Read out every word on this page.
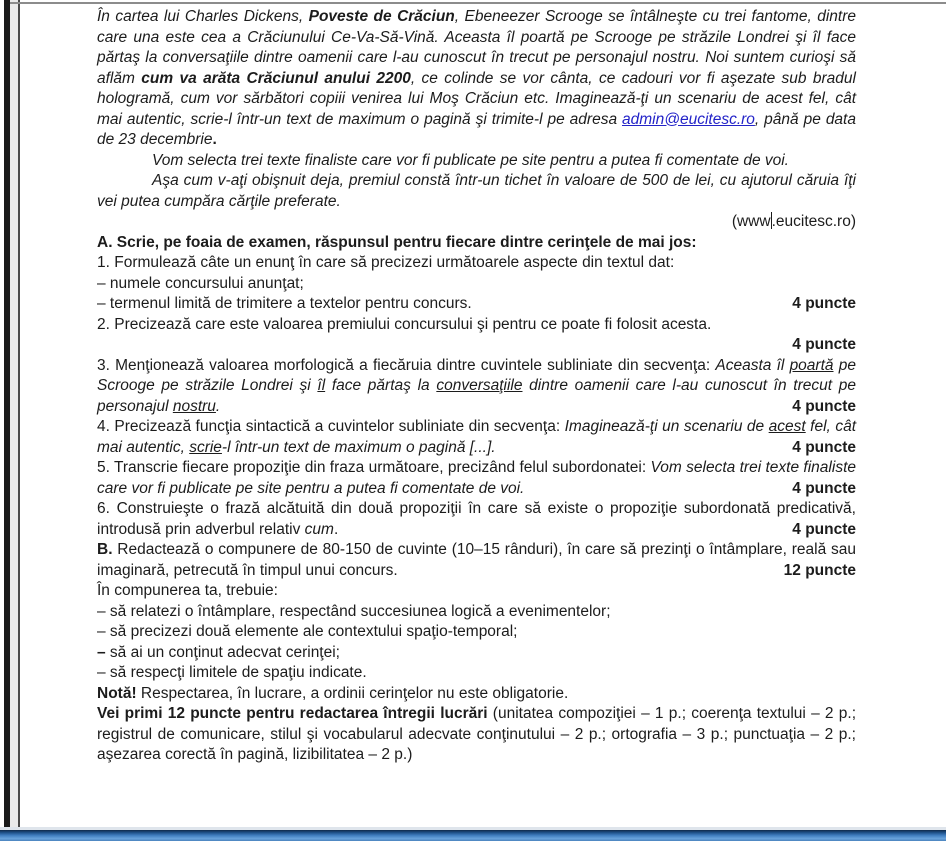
În cartea lui Charles Dickens, Poveste de Crăciun, Ebeneezer Scrooge se întâlneşte cu trei fantome, dintre care una este cea a Crăciunului Ce-Va-Să-Vină. Aceasta îl poartă pe Scrooge pe străzile Londrei şi îl face părtaş la conversaţiile dintre oamenii care l-au cunoscut în trecut pe personajul nostru. Noi suntem curioşi să aflăm cum va arăta Crăciunul anului 2200, ce colinde se vor cânta, ce cadouri vor fi aşezate sub bradul hologramă, cum vor sărbători copiii venirea lui Moş Crăciun etc. Imaginează-ţi un scenariu de acest fel, cât mai autentic, scrie-l într-un text de maximum o pagină şi trimite-l pe adresa admin@eucitesc.ro, până pe data de 23 decembrie.

Vom selecta trei texte finaliste care vor fi publicate pe site pentru a putea fi comentate de voi.

Aşa cum v-aţi obişnuit deja, premiul constă într-un tichet în valoare de 500 de lei, cu ajutorul căruia îţi vei putea cumpăra cărţile preferate.

(www.eucitesc.ro)

A. Scrie, pe foaia de examen, răspunsul pentru fiecare dintre cerinţele de mai jos:

1. Formulează câte un enunţ în care să precizezi următoarele aspecte din textul dat:

– numele concursului anunţat;

– termenul limită de trimitere a textelor pentru concurs.	4 puncte

2. Precizează care este valoarea premiului concursului şi pentru ce poate fi folosit acesta.

4 puncte

3. Menţionează valoarea morfologică a fiecăruia dintre cuvintele subliniate din secvenţa: Aceasta îl poartă pe Scrooge pe străzile Londrei şi îl face părtaş la conversaţiile dintre oamenii care l-au cunoscut în trecut pe personajul nostru.	4 puncte

4. Precizează funcţia sintactică a cuvintelor subliniate din secvenţa: Imaginează-ţi un scenariu de acest fel, cât mai autentic, scrie-l într-un text de maximum o pagină [...].	4 puncte

5. Transcrie fiecare propoziţie din fraza următoare, precizând felul subordonatei: Vom selecta trei texte finaliste care vor fi publicate pe site pentru a putea fi comentate de voi.	4 puncte

6. Construieşte o frază alcătuită din două propoziţii în care să existe o propoziţie subordonată predicativă, introdusă prin adverbul relativ cum.	4 puncte

B. Redactează o compunere de 80-150 de cuvinte (10–15 rânduri), în care să prezinţi o întâmplare, reală sau imaginară, petrecută în timpul unui concurs.	12 puncte

În compunerea ta, trebuie:

– să relatezi o întâmplare, respectând succesiunea logică a evenimentelor;

– să precizezi două elemente ale contextului spaţio-temporal;

– să ai un conţinut adecvat cerinţei;

– să respecţi limitele de spaţiu indicate.

Notă! Respectarea, în lucrare, a ordinii cerinţelor nu este obligatorie.

Vei primi 12 puncte pentru redactarea întregii lucrări (unitatea compoziţiei – 1 p.; coerenţa textului – 2 p.; registrul de comunicare, stilul şi vocabularul adecvate conţinutului – 2 p.; ortografia – 3 p.; punctuaţia – 2 p.; aşezarea corectă în pagină, lizibilitatea – 2 p.)
